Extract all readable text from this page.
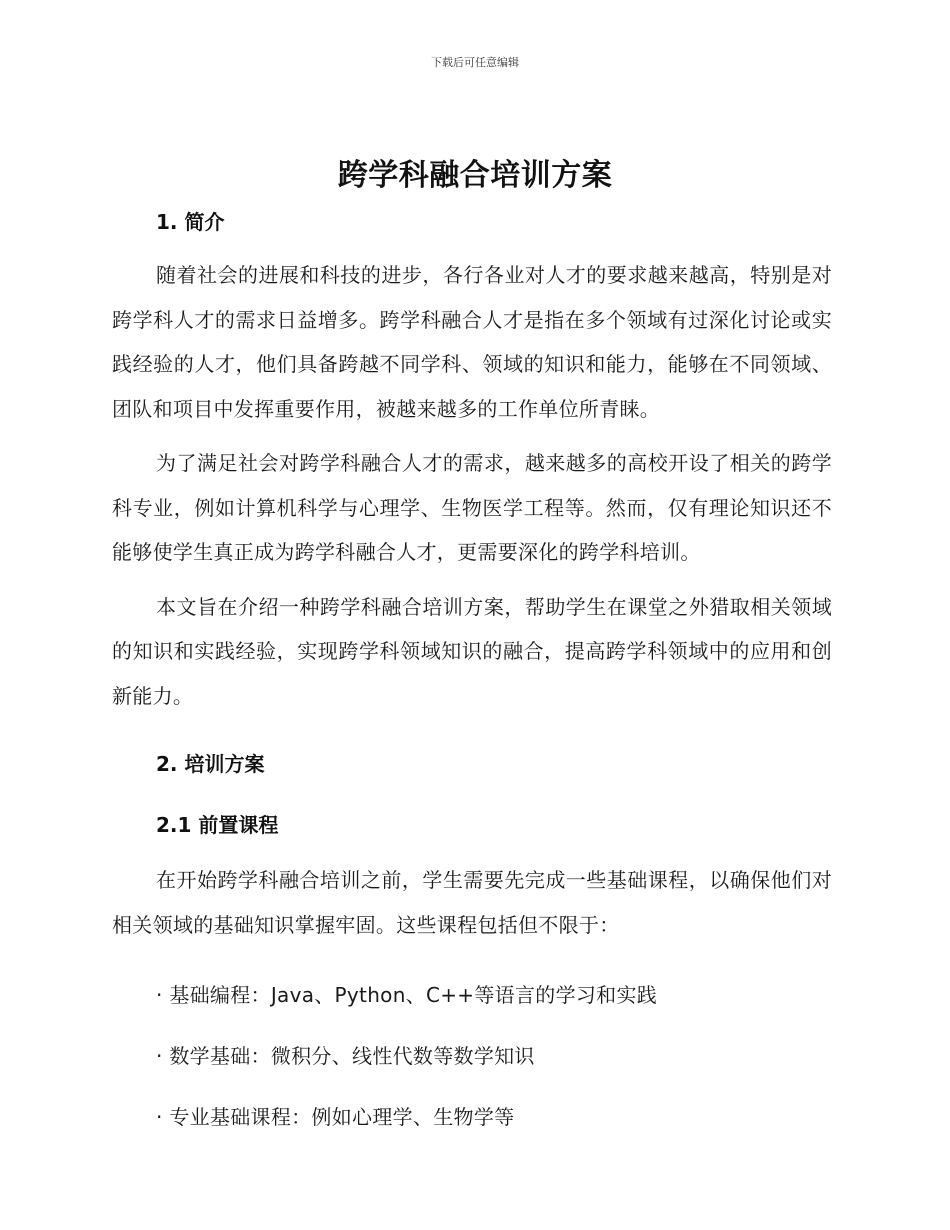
下载后可任意编辑
跨学科融合培训方案

1. 简介

随着社会的进展和科技的进步，各行各业对人才的要求越来越高，特别是对跨学科人才的需求日益增多。跨学科融合人才是指在多个领域有过深化讨论或实践经验的人才，他们具备跨越不同学科、领域的知识和能力，能够在不同领域、团队和项目中发挥重要作用，被越来越多的工作单位所青睐。

为了满足社会对跨学科融合人才的需求，越来越多的高校开设了相关的跨学科专业，例如计算机科学与心理学、生物医学工程等。然而，仅有理论知识还不能够使学生真正成为跨学科融合人才，更需要深化的跨学科培训。

本文旨在介绍一种跨学科融合培训方案，帮助学生在课堂之外猎取相关领域的知识和实践经验，实现跨学科领域知识的融合，提高跨学科领域中的应用和创新能力。

2. 培训方案

2.1 前置课程

在开始跨学科融合培训之前，学生需要先完成一些基础课程，以确保他们对相关领域的基础知识掌握牢固。这些课程包括但不限于：

· 基础编程：Java、Python、C++等语言的学习和实践

· 数学基础：微积分、线性代数等数学知识

· 专业基础课程：例如心理学、生物学等
